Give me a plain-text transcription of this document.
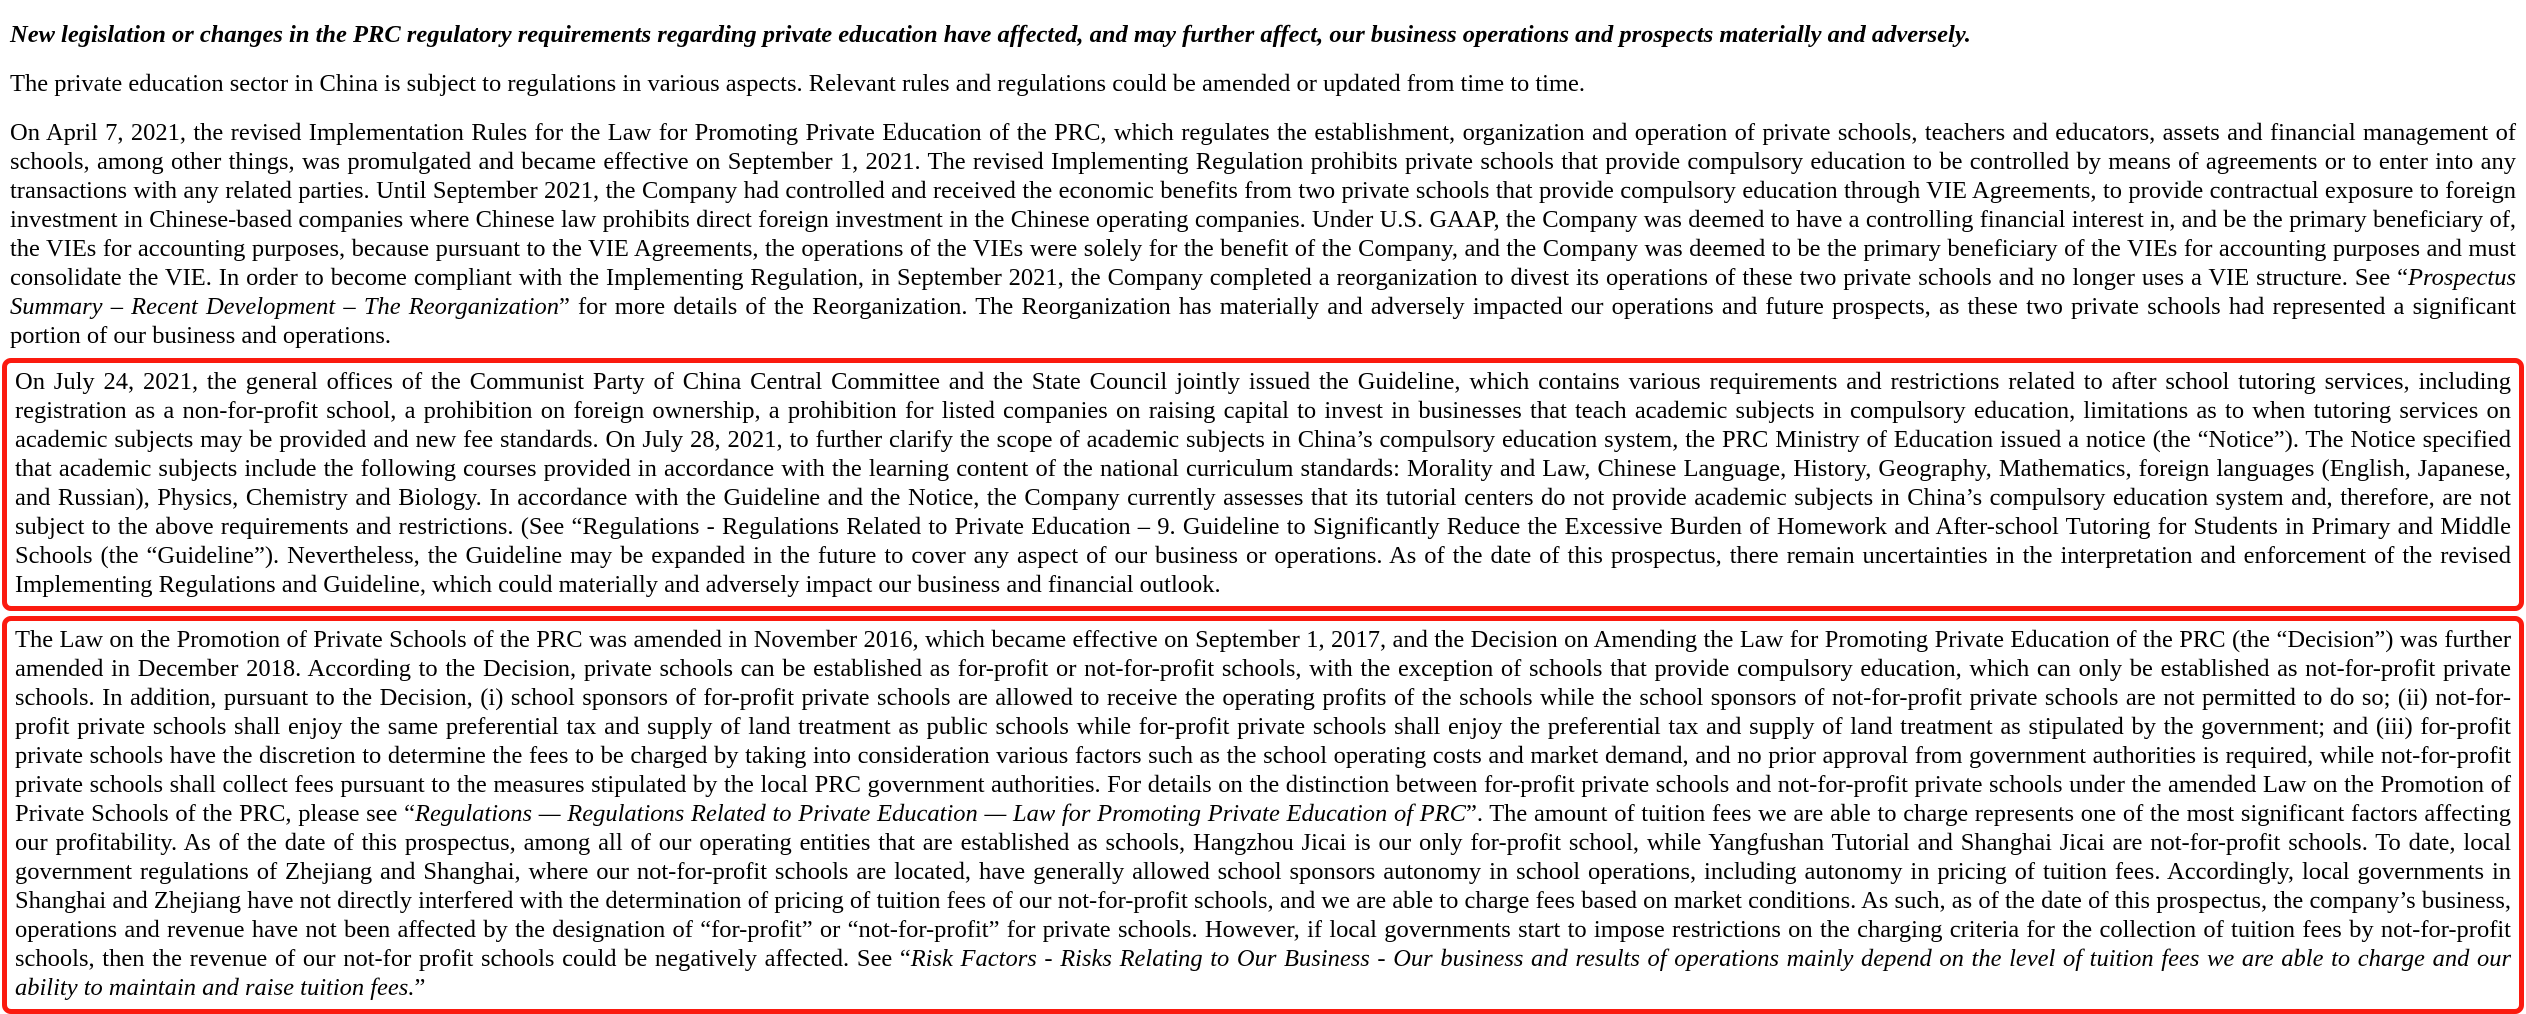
New legislation or changes in the PRC regulatory requirements regarding private education have affected, and may further affect, our business operations and prospects materially and adversely.

The private education sector in China is subject to regulations in various aspects. Relevant rules and regulations could be amended or updated from time to time.

On April 7, 2021, the revised Implementation Rules for the Law for Promoting Private Education of the PRC, which regulates the establishment, organization and operation of private schools, teachers and educators, assets and financial management of schools, among other things, was promulgated and became effective on September 1, 2021. The revised Implementing Regulation prohibits private schools that provide compulsory education to be controlled by means of agreements or to enter into any transactions with any related parties. Until September 2021, the Company had controlled and received the economic benefits from two private schools that provide compulsory education through VIE Agreements, to provide contractual exposure to foreign investment in Chinese-based companies where Chinese law prohibits direct foreign investment in the Chinese operating companies. Under U.S. GAAP, the Company was deemed to have a controlling financial interest in, and be the primary beneficiary of, the VIEs for accounting purposes, because pursuant to the VIE Agreements, the operations of the VIEs were solely for the benefit of the Company, and the Company was deemed to be the primary beneficiary of the VIEs for accounting purposes and must consolidate the VIE. In order to become compliant with the Implementing Regulation, in September 2021, the Company completed a reorganization to divest its operations of these two private schools and no longer uses a VIE structure. See “Prospectus Summary – Recent Development – The Reorganization” for more details of the Reorganization. The Reorganization has materially and adversely impacted our operations and future prospects, as these two private schools had represented a significant portion of our business and operations.

On July 24, 2021, the general offices of the Communist Party of China Central Committee and the State Council jointly issued the Guideline, which contains various requirements and restrictions related to after school tutoring services, including registration as a non-for-profit school, a prohibition on foreign ownership, a prohibition for listed companies on raising capital to invest in businesses that teach academic subjects in compulsory education, limitations as to when tutoring services on academic subjects may be provided and new fee standards. On July 28, 2021, to further clarify the scope of academic subjects in China’s compulsory education system, the PRC Ministry of Education issued a notice (the “Notice”). The Notice specified that academic subjects include the following courses provided in accordance with the learning content of the national curriculum standards: Morality and Law, Chinese Language, History, Geography, Mathematics, foreign languages (English, Japanese, and Russian), Physics, Chemistry and Biology. In accordance with the Guideline and the Notice, the Company currently assesses that its tutorial centers do not provide academic subjects in China’s compulsory education system and, therefore, are not subject to the above requirements and restrictions. (See “Regulations - Regulations Related to Private Education – 9. Guideline to Significantly Reduce the Excessive Burden of Homework and After-school Tutoring for Students in Primary and Middle Schools (the “Guideline”). Nevertheless, the Guideline may be expanded in the future to cover any aspect of our business or operations. As of the date of this prospectus, there remain uncertainties in the interpretation and enforcement of the revised Implementing Regulations and Guideline, which could materially and adversely impact our business and financial outlook.

The Law on the Promotion of Private Schools of the PRC was amended in November 2016, which became effective on September 1, 2017, and the Decision on Amending the Law for Promoting Private Education of the PRC (the “Decision”) was further amended in December 2018. According to the Decision, private schools can be established as for-profit or not-for-profit schools, with the exception of schools that provide compulsory education, which can only be established as not-for-profit private schools. In addition, pursuant to the Decision, (i) school sponsors of for-profit private schools are allowed to receive the operating profits of the schools while the school sponsors of not-for-profit private schools are not permitted to do so; (ii) not-for-profit private schools shall enjoy the same preferential tax and supply of land treatment as public schools while for-profit private schools shall enjoy the preferential tax and supply of land treatment as stipulated by the government; and (iii) for-profit private schools have the discretion to determine the fees to be charged by taking into consideration various factors such as the school operating costs and market demand, and no prior approval from government authorities is required, while not-for-profit private schools shall collect fees pursuant to the measures stipulated by the local PRC government authorities. For details on the distinction between for-profit private schools and not-for-profit private schools under the amended Law on the Promotion of Private Schools of the PRC, please see “Regulations — Regulations Related to Private Education — Law for Promoting Private Education of PRC”. The amount of tuition fees we are able to charge represents one of the most significant factors affecting our profitability. As of the date of this prospectus, among all of our operating entities that are established as schools, Hangzhou Jicai is our only for-profit school, while Yangfushan Tutorial and Shanghai Jicai are not-for-profit schools. To date, local government regulations of Zhejiang and Shanghai, where our not-for-profit schools are located, have generally allowed school sponsors autonomy in school operations, including autonomy in pricing of tuition fees. Accordingly, local governments in Shanghai and Zhejiang have not directly interfered with the determination of pricing of tuition fees of our not-for-profit schools, and we are able to charge fees based on market conditions. As such, as of the date of this prospectus, the company’s business, operations and revenue have not been affected by the designation of “for-profit” or “not-for-profit” for private schools. However, if local governments start to impose restrictions on the charging criteria for the collection of tuition fees by not-for-profit schools, then the revenue of our not-for profit schools could be negatively affected. See “Risk Factors - Risks Relating to Our Business - Our business and results of operations mainly depend on the level of tuition fees we are able to charge and our ability to maintain and raise tuition fees.”
